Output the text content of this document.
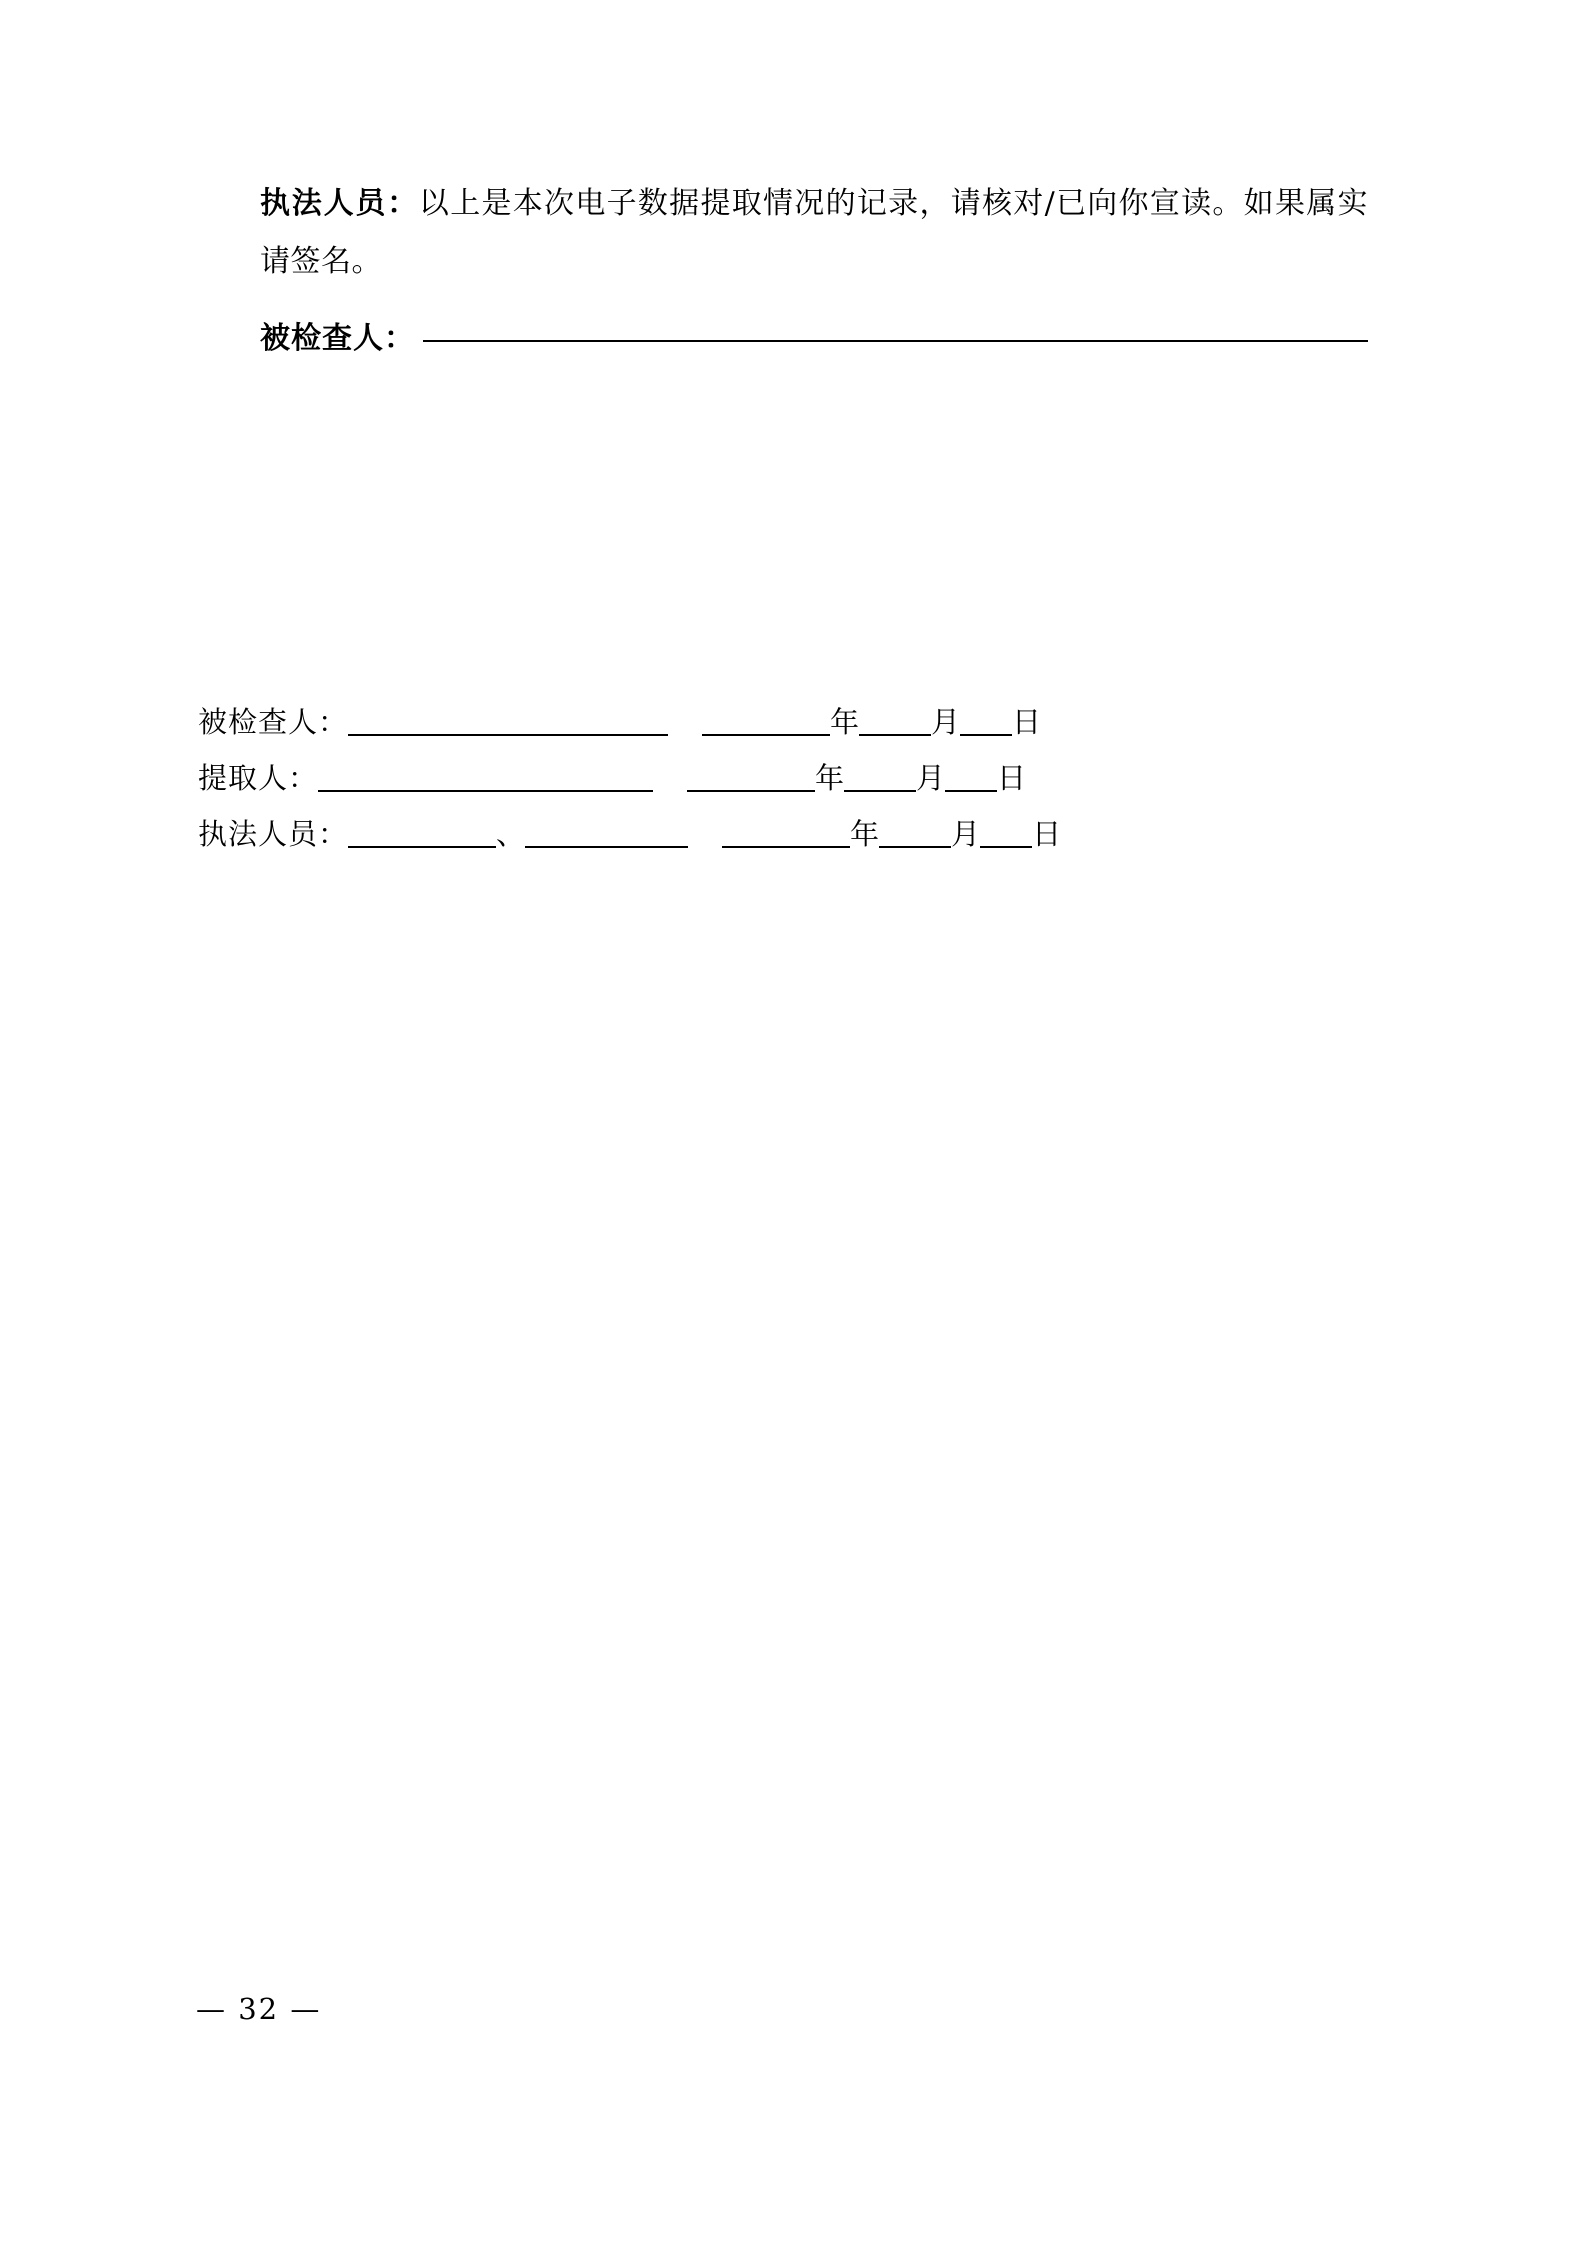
执法人员：以上是本次电子数据提取情况的记录，请核对/已向你宣读。如果属实请签名。
被检查人：
被检查人：	年 月 日
提取人：	年 月 日
执法人员：	、	年 月 日
— 32 —
